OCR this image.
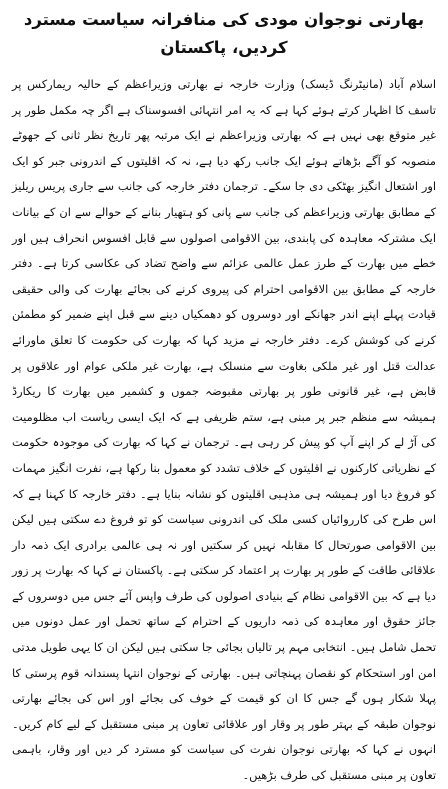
بھارتی نوجوان مودی کی منافرانہ سیاست مسترد کردیں، پاکستان

اسلام آباد (مانیٹرنگ ڈیسک) وزارت خارجہ نے بھارتی وزیراعظم کے حالیہ ریمارکس پر تاسف کا اظہار کرتے ہوئے کہا ہے کہ یہ امر انتہائی افسوسناک ہے اگر چہ مکمل طور پر غیر متوقع بھی نہیں ہے کہ بھارتی وزیراعظم نے ایک مرتبہ پھر تاریخ نظر ثانی کے جھوٹے منصوبہ کو آگے بڑھاتے ہوئے ایک جانب رکھ دیا ہے، نہ کہ اقلیتوں کے اندرونی جبر کو ایک اور اشتعال انگیز بھٹکی دی جا سکے۔ ترجمان دفتر خارجہ کی جانب سے جاری پریس ریلیز کے مطابق بھارتی وزیراعظم کی جانب سے پانی کو ہتھیار بنانے کے حوالے سے ان کے بیانات ایک مشترکہ معاہدہ کی پابندی، بین الاقوامی اصولوں سے قابل افسوس انحراف ہیں اور خطے میں بھارت کے طرز عمل عالمی عزائم سے واضح تضاد کی عکاسی کرتا ہے۔ دفتر خارجہ کے مطابق بین الاقوامی احترام کی پیروی کرنے کی بجائے بھارت کی والی حقیقی قیادت پہلے اپنے اندر جھانکے اور دوسروں کو دھمکیاں دینے سے قبل اپنے ضمیر کو مطمئن کرنے کی کوشش کرے۔ دفتر خارجہ نے مزید کہا کہ بھارت کی حکومت کا تعلق ماورائے عدالت قتل اور غیر ملکی بغاوت سے منسلک ہے، بھارت غیر ملکی عوام اور علاقوں پر قابض ہے، غیر قانونی طور پر بھارتی مقبوضہ جموں و کشمیر میں بھارت کا ریکارڈ ہمیشہ سے منظم جبر پر مبنی ہے، ستم ظریفی ہے کہ ایک ایسی ریاست اب مظلومیت کی آڑ لے کر اپنے آپ کو پیش کر رہی ہے۔ ترجمان نے کہا کہ بھارت کی موجودہ حکومت کے نظریاتی کارکنوں نے اقلیتوں کے خلاف تشدد کو معمول بنا رکھا ہے، نفرت انگیز مہمات کو فروغ دیا اور ہمیشہ ہی مذہبی اقلیتوں کو نشانہ بنایا ہے۔ دفتر خارجہ کا کہنا ہے کہ اس طرح کی کارروائیاں کسی ملک کی اندرونی سیاست کو تو فروغ دے سکتی ہیں لیکن بین الاقوامی صورتحال کا مقابلہ نہیں کر سکتیں اور نہ ہی عالمی برادری ایک ذمہ دار علاقائی طاقت کے طور پر بھارت پر اعتماد کر سکتی ہے۔ پاکستان نے کہا کہ بھارت پر زور دیا ہے کہ بین الاقوامی نظام کے بنیادی اصولوں کی طرف واپس آئے جس میں دوسروں کے جائز حقوق اور معاہدہ کی ذمہ داریوں کے احترام کے ساتھ تحمل اور عمل دونوں میں تحمل شامل ہیں۔ انتخابی مہم پر تالیاں بجائی جا سکتی ہیں لیکن ان کا یہی طویل مدتی امن اور استحکام کو نقصان پہنچاتی ہیں۔ بھارتی کے نوجوان انتہا پسندانہ قوم پرستی کا پہلا شکار ہوں گے جس کا ان کو قیمت کے خوف کی بجائے اور اس کی بجائے بھارتی نوجوان طبقہ کے بہتر طور پر وقار اور علاقائی تعاون پر مبنی مستقبل کے لیے کام کریں۔ انہوں نے کہا کہ بھارتی نوجوان نفرت کی سیاست کو مسترد کر دیں اور وقار، باہمی تعاون پر مبنی مستقبل کی طرف بڑھیں۔
